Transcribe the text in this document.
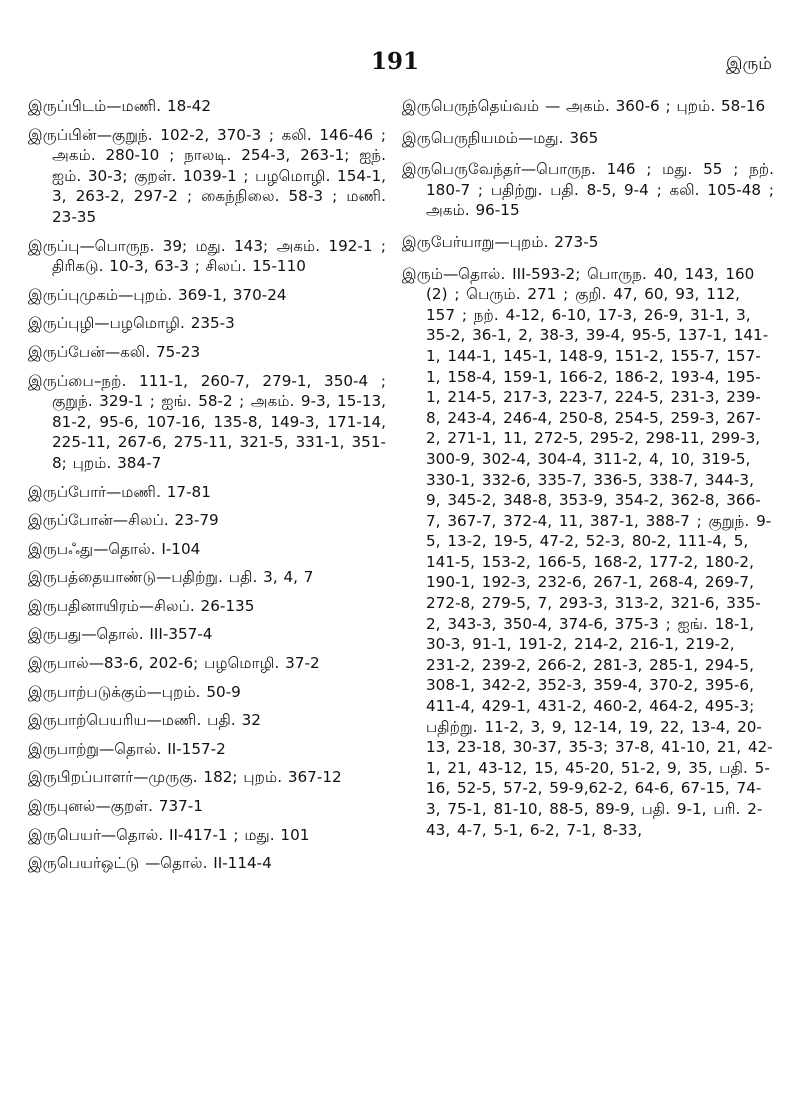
191	இரும்
இருப்பிடம்—மணி. 18-42
இருப்பின்—குறுந். 102-2, 370-3 ; கலி. 146-46 ; அகம். 280-10 ; நாலடி. 254-3, 263-1; ஐந். ஐம். 30-3; குறள். 1039-1 ; பழமொழி. 154-1, 3, 263-2, 297-2 ; கைந்நிலை. 58-3 ; மணி. 23-35
இருப்பு—பொருந. 39; மது. 143; அகம். 192-1 ; திரிகடு. 10-3, 63-3 ; சிலப். 15-110
இருப்புமுகம்—புறம். 369-1, 370-24
இருப்புழி—பழமொழி. 235-3
இருப்பேன்—கலி. 75-23
இருப்பை–நற். 111-1, 260-7, 279-1, 350-4 ; குறுந். 329-1 ; ஐங். 58-2 ; அகம். 9-3, 15-13, 81-2, 95-6, 107-16, 135-8, 149-3, 171-14, 225-11, 267-6, 275-11, 321-5, 331-1, 351-8; புறம். 384-7
இருப்போர்—மணி. 17-81
இருப்போன்—சிலப். 23-79
இருபஃது—தொல். I-104
இருபத்தையாண்டு—பதிற்று. பதி. 3, 4, 7
இருபதினாயிரம்—சிலப். 26-135
இருபது—தொல். III-357-4
இருபால்—83-6, 202-6; பழமொழி. 37-2
இருபாற்படுக்கும்—புறம். 50-9
இருபாற்பெயரிய—மணி. பதி. 32
இருபாற்று—தொல். II-157-2
இருபிறப்பாளர்—முருகு. 182; புறம். 367-12
இருபுனல்—குறள். 737-1
இருபெயர்—தொல். II-417-1 ; மது. 101
இருபெயர்ஒட்டு —தொல். II-114-4
இருபெருந்தெய்வம் — அகம். 360-6 ; புறம். 58-16
இருபெருநியமம்—மது. 365
இருபெருவேந்தர்—பொருந. 146 ; மது. 55 ; நற். 180-7 ; பதிற்று. பதி. 8-5, 9-4 ; கலி. 105-48 ; அகம். 96-15
இருபேர்யாறு—புறம். 273-5
இரும்—தொல். III-593-2; பொருந. 40, 143, 160 (2) ; பெரும். 271 ; குறி. 47, 60, 93, 112, 157 ; நற். 4-12, 6-10, 17-3, 26-9, 31-1, 3, 35-2, 36-1, 2, 38-3, 39-4, 95-5, 137-1, 141-1, 144-1, 145-1, 148-9, 151-2, 155-7, 157-1, 158-4, 159-1, 166-2, 186-2, 193-4, 195-1, 214-5, 217-3, 223-7, 224-5, 231-3, 239-8, 243-4, 246-4, 250-8, 254-5, 259-3, 267-2, 271-1, 11, 272-5, 295-2, 298-11, 299-3, 300-9, 302-4, 304-4, 311-2, 4, 10, 319-5, 330-1, 332-6, 335-7, 336-5, 338-7, 344-3, 9, 345-2, 348-8, 353-9, 354-2, 362-8, 366-7, 367-7, 372-4, 11, 387-1, 388-7 ; குறுந். 9-5, 13-2, 19-5, 47-2, 52-3, 80-2, 111-4, 5, 141-5, 153-2, 166-5, 168-2, 177-2, 180-2, 190-1, 192-3, 232-6, 267-1, 268-4, 269-7, 272-8, 279-5, 7, 293-3, 313-2, 321-6, 335-2, 343-3, 350-4, 374-6, 375-3 ; ஐங். 18-1, 30-3, 91-1, 191-2, 214-2, 216-1, 219-2, 231-2, 239-2, 266-2, 281-3, 285-1, 294-5, 308-1, 342-2, 352-3, 359-4, 370-2, 395-6, 411-4, 429-1, 431-2, 460-2, 464-2, 495-3; பதிற்று. 11-2, 3, 9, 12-14, 19, 22, 13-4, 20-13, 23-18, 30-37, 35-3; 37-8, 41-10, 21, 42-1, 21, 43-12, 15, 45-20, 51-2, 9, 35, பதி. 5-16, 52-5, 57-2, 59-9,62-2, 64-6, 67-15, 74-3, 75-1, 81-10, 88-5, 89-9, பதி. 9-1, பரி. 2-43, 4-7, 5-1, 6-2, 7-1, 8-33,
